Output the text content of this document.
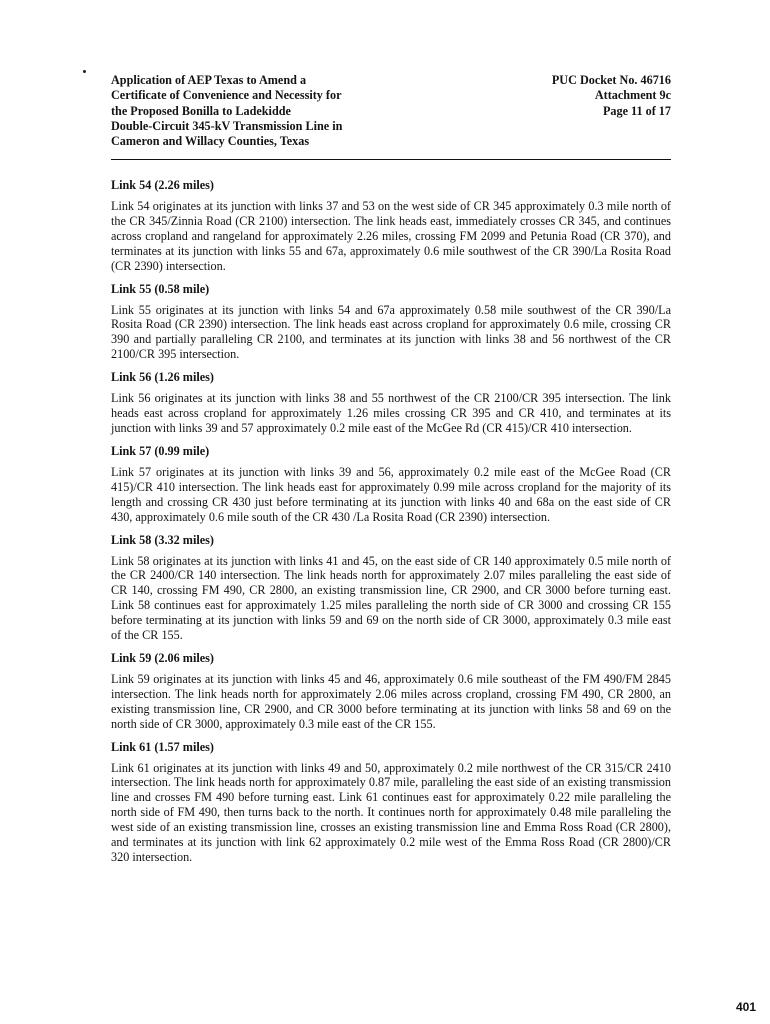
Application of AEP Texas to Amend a
Certificate of Convenience and Necessity for
the Proposed Bonilla to Ladekidde
Double-Circuit 345-kV Transmission Line in
Cameron and Willacy Counties, Texas
PUC Docket No. 46716
Attachment 9c
Page 11 of 17

Link 54 (2.26 miles)

Link 54 originates at its junction with links 37 and 53 on the west side of CR 345 approximately 0.3 mile north of the CR 345/Zinnia Road (CR 2100) intersection. The link heads east, immediately crosses CR 345, and continues across cropland and rangeland for approximately 2.26 miles, crossing FM 2099 and Petunia Road (CR 370), and terminates at its junction with links 55 and 67a, approximately 0.6 mile southwest of the CR 390/La Rosita Road (CR 2390) intersection.

Link 55 (0.58 mile)

Link 55 originates at its junction with links 54 and 67a approximately 0.58 mile southwest of the CR 390/La Rosita Road (CR 2390) intersection. The link heads east across cropland for approximately 0.6 mile, crossing CR 390 and partially paralleling CR 2100, and terminates at its junction with links 38 and 56 northwest of the CR 2100/CR 395 intersection.

Link 56 (1.26 miles)

Link 56 originates at its junction with links 38 and 55 northwest of the CR 2100/CR 395 intersection. The link heads east across cropland for approximately 1.26 miles crossing CR 395 and CR 410, and terminates at its junction with links 39 and 57 approximately 0.2 mile east of the McGee Rd (CR 415)/CR 410 intersection.

Link 57 (0.99 mile)

Link 57 originates at its junction with links 39 and 56, approximately 0.2 mile east of the McGee Road (CR 415)/CR 410 intersection. The link heads east for approximately 0.99 mile across cropland for the majority of its length and crossing CR 430 just before terminating at its junction with links 40 and 68a on the east side of CR 430, approximately 0.6 mile south of the CR 430 /La Rosita Road (CR 2390) intersection.

Link 58 (3.32 miles)

Link 58 originates at its junction with links 41 and 45, on the east side of CR 140 approximately 0.5 mile north of the CR 2400/CR 140 intersection. The link heads north for approximately 2.07 miles paralleling the east side of CR 140, crossing FM 490, CR 2800, an existing transmission line, CR 2900, and CR 3000 before turning east. Link 58 continues east for approximately 1.25 miles paralleling the north side of CR 3000 and crossing CR 155 before terminating at its junction with links 59 and 69 on the north side of CR 3000, approximately 0.3 mile east of the CR 155.

Link 59 (2.06 miles)

Link 59 originates at its junction with links 45 and 46, approximately 0.6 mile southeast of the FM 490/FM 2845 intersection. The link heads north for approximately 2.06 miles across cropland, crossing FM 490, CR 2800, an existing transmission line, CR 2900, and CR 3000 before terminating at its junction with links 58 and 69 on the north side of CR 3000, approximately 0.3 mile east of the CR 155.

Link 61 (1.57 miles)

Link 61 originates at its junction with links 49 and 50, approximately 0.2 mile northwest of the CR 315/CR 2410 intersection. The link heads north for approximately 0.87 mile, paralleling the east side of an existing transmission line and crosses FM 490 before turning east. Link 61 continues east for approximately 0.22 mile paralleling the north side of FM 490, then turns back to the north. It continues north for approximately 0.48 mile paralleling the west side of an existing transmission line, crosses an existing transmission line and Emma Ross Road (CR 2800), and terminates at its junction with link 62 approximately 0.2 mile west of the Emma Ross Road (CR 2800)/CR 320 intersection.

401
